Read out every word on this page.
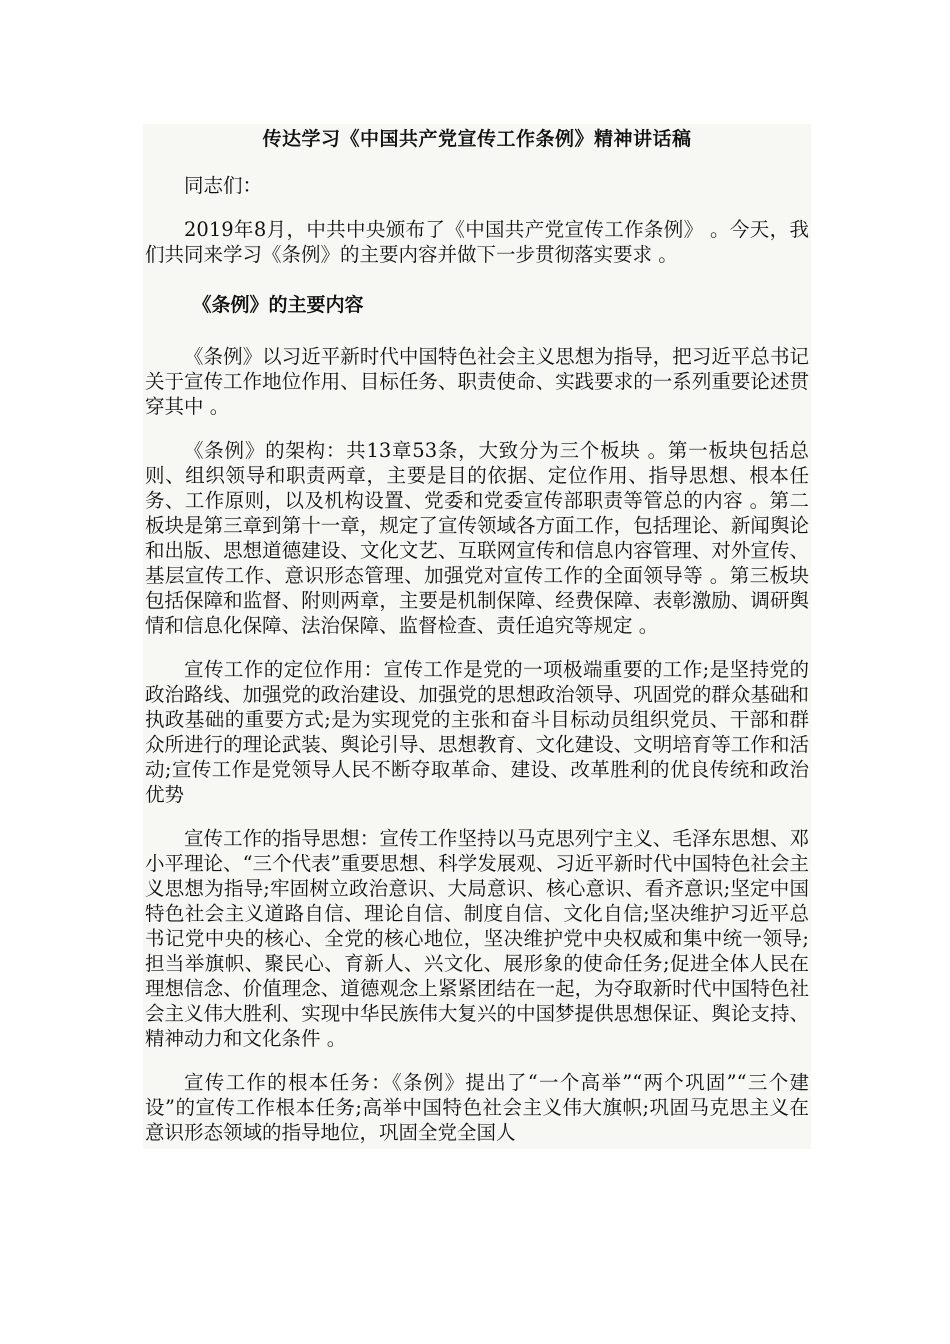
传达学习《中国共产党宣传工作条例》精神讲话稿

同志们：

2019年8月，中共中央颁布了《中国共产党宣传工作条例》 。今天，我们共同来学习《条例》的主要内容并做下一步贯彻落实要求 。

《条例》的主要内容

《条例》以习近平新时代中国特色社会主义思想为指导，把习近平总书记关于宣传工作地位作用、目标任务、职责使命、实践要求的一系列重要论述贯穿其中 。

《条例》的架构：共13章53条，大致分为三个板块 。第一板块包括总则、组织领导和职责两章，主要是目的依据、定位作用、指导思想、根本任务、工作原则，以及机构设置、党委和党委宣传部职责等管总的内容 。第二板块是第三章到第十一章，规定了宣传领域各方面工作，包括理论、新闻舆论和出版、思想道德建设、文化文艺、互联网宣传和信息内容管理、对外宣传、基层宣传工作、意识形态管理、加强党对宣传工作的全面领导等 。第三板块包括保障和监督、附则两章，主要是机制保障、经费保障、表彰激励、调研舆情和信息化保障、法治保障、监督检查、责任追究等规定 。

宣传工作的定位作用：宣传工作是党的一项极端重要的工作;是坚持党的政治路线、加强党的政治建设、加强党的思想政治领导、巩固党的群众基础和执政基础的重要方式;是为实现党的主张和奋斗目标动员组织党员、干部和群众所进行的理论武装、舆论引导、思想教育、文化建设、文明培育等工作和活动;宣传工作是党领导人民不断夺取革命、建设、改革胜利的优良传统和政治优势

宣传工作的指导思想：宣传工作坚持以马克思列宁主义、毛泽东思想、邓小平理论、“三个代表”重要思想、科学发展观、习近平新时代中国特色社会主义思想为指导;牢固树立政治意识、大局意识、核心意识、看齐意识;坚定中国特色社会主义道路自信、理论自信、制度自信、文化自信;坚决维护习近平总书记党中央的核心、全党的核心地位，坚决维护党中央权威和集中统一领导;担当举旗帜、聚民心、育新人、兴文化、展形象的使命任务;促进全体人民在理想信念、价值理念、道德观念上紧紧团结在一起，为夺取新时代中国特色社会主义伟大胜利、实现中华民族伟大复兴的中国梦提供思想保证、舆论支持、精神动力和文化条件 。

宣传工作的根本任务：《条例》提出了“一个高举”“两个巩固”“三个建设”的宣传工作根本任务;高举中国特色社会主义伟大旗帜;巩固马克思主义在意识形态领域的指导地位，巩固全党全国人
